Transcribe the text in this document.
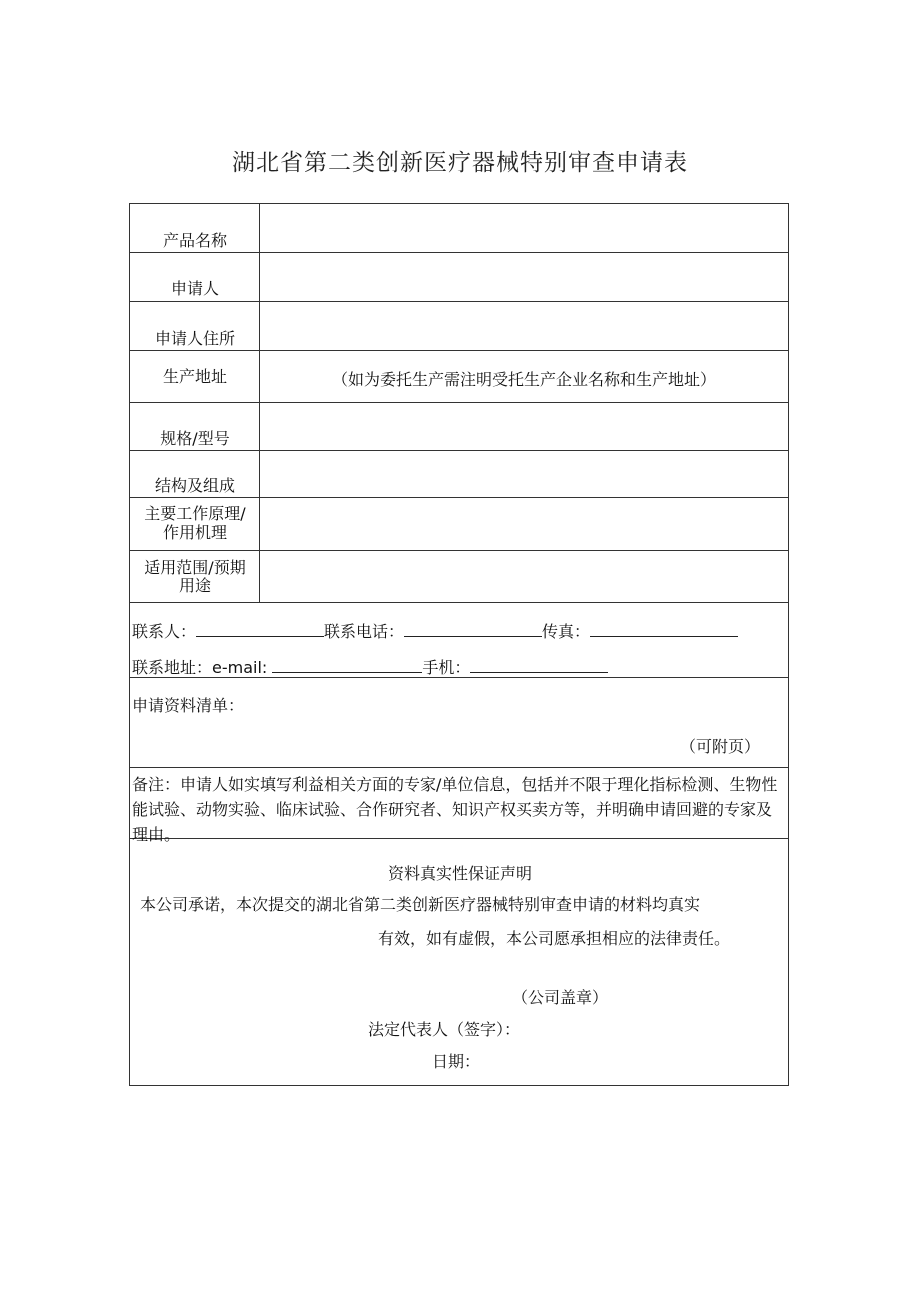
湖北省第二类创新医疗器械特别审查申请表
产品名称
申请人
申请人住所
生产地址	（如为委托生产需注明受托生产企业名称和生产地址）
规格/型号
结构及组成
主要工作原理/
作用机理
适用范围/预期
用途
联系人：	联系电话：	传真：
联系地址：e-mail:	手机：
申请资料清单：
（可附页）
备注：申请人如实填写利益相关方面的专家/单位信息，包括并不限于理化指标检测、生物性能试验、动物实验、临床试验、合作研究者、知识产权买卖方等，并明确申请回避的专家及理由。
资料真实性保证声明
本公司承诺，本次提交的湖北省第二类创新医疗器械特别审查申请的材料均真实
有效，如有虚假，本公司愿承担相应的法律责任。
（公司盖章）
法定代表人（签字）：
日期：
